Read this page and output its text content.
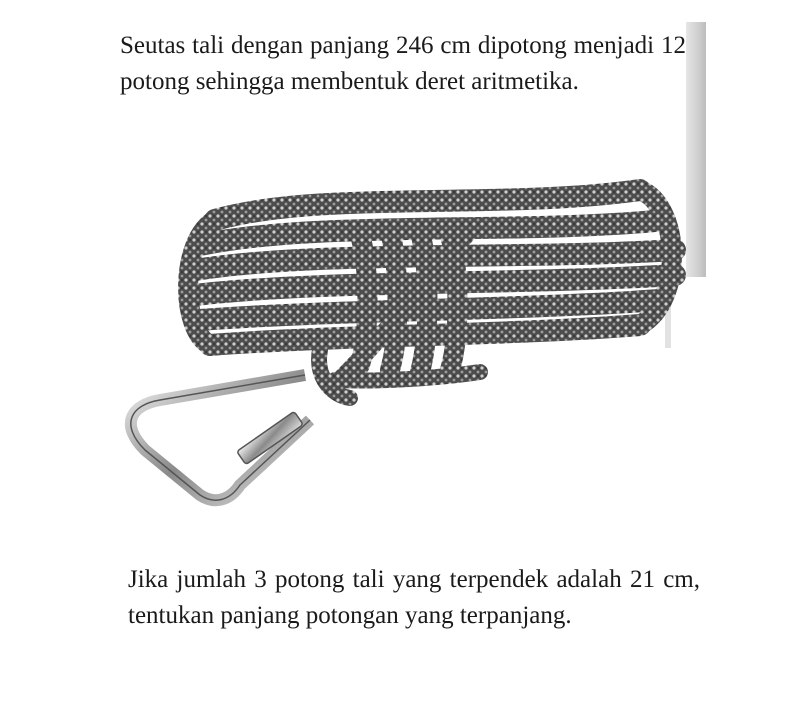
Seutas tali dengan panjang 246 cm dipotong menjadi 12 potong sehingga membentuk deret aritmetika.

Jika jumlah 3 potong tali yang terpendek adalah 21 cm, tentukan panjang potongan yang terpanjang.
